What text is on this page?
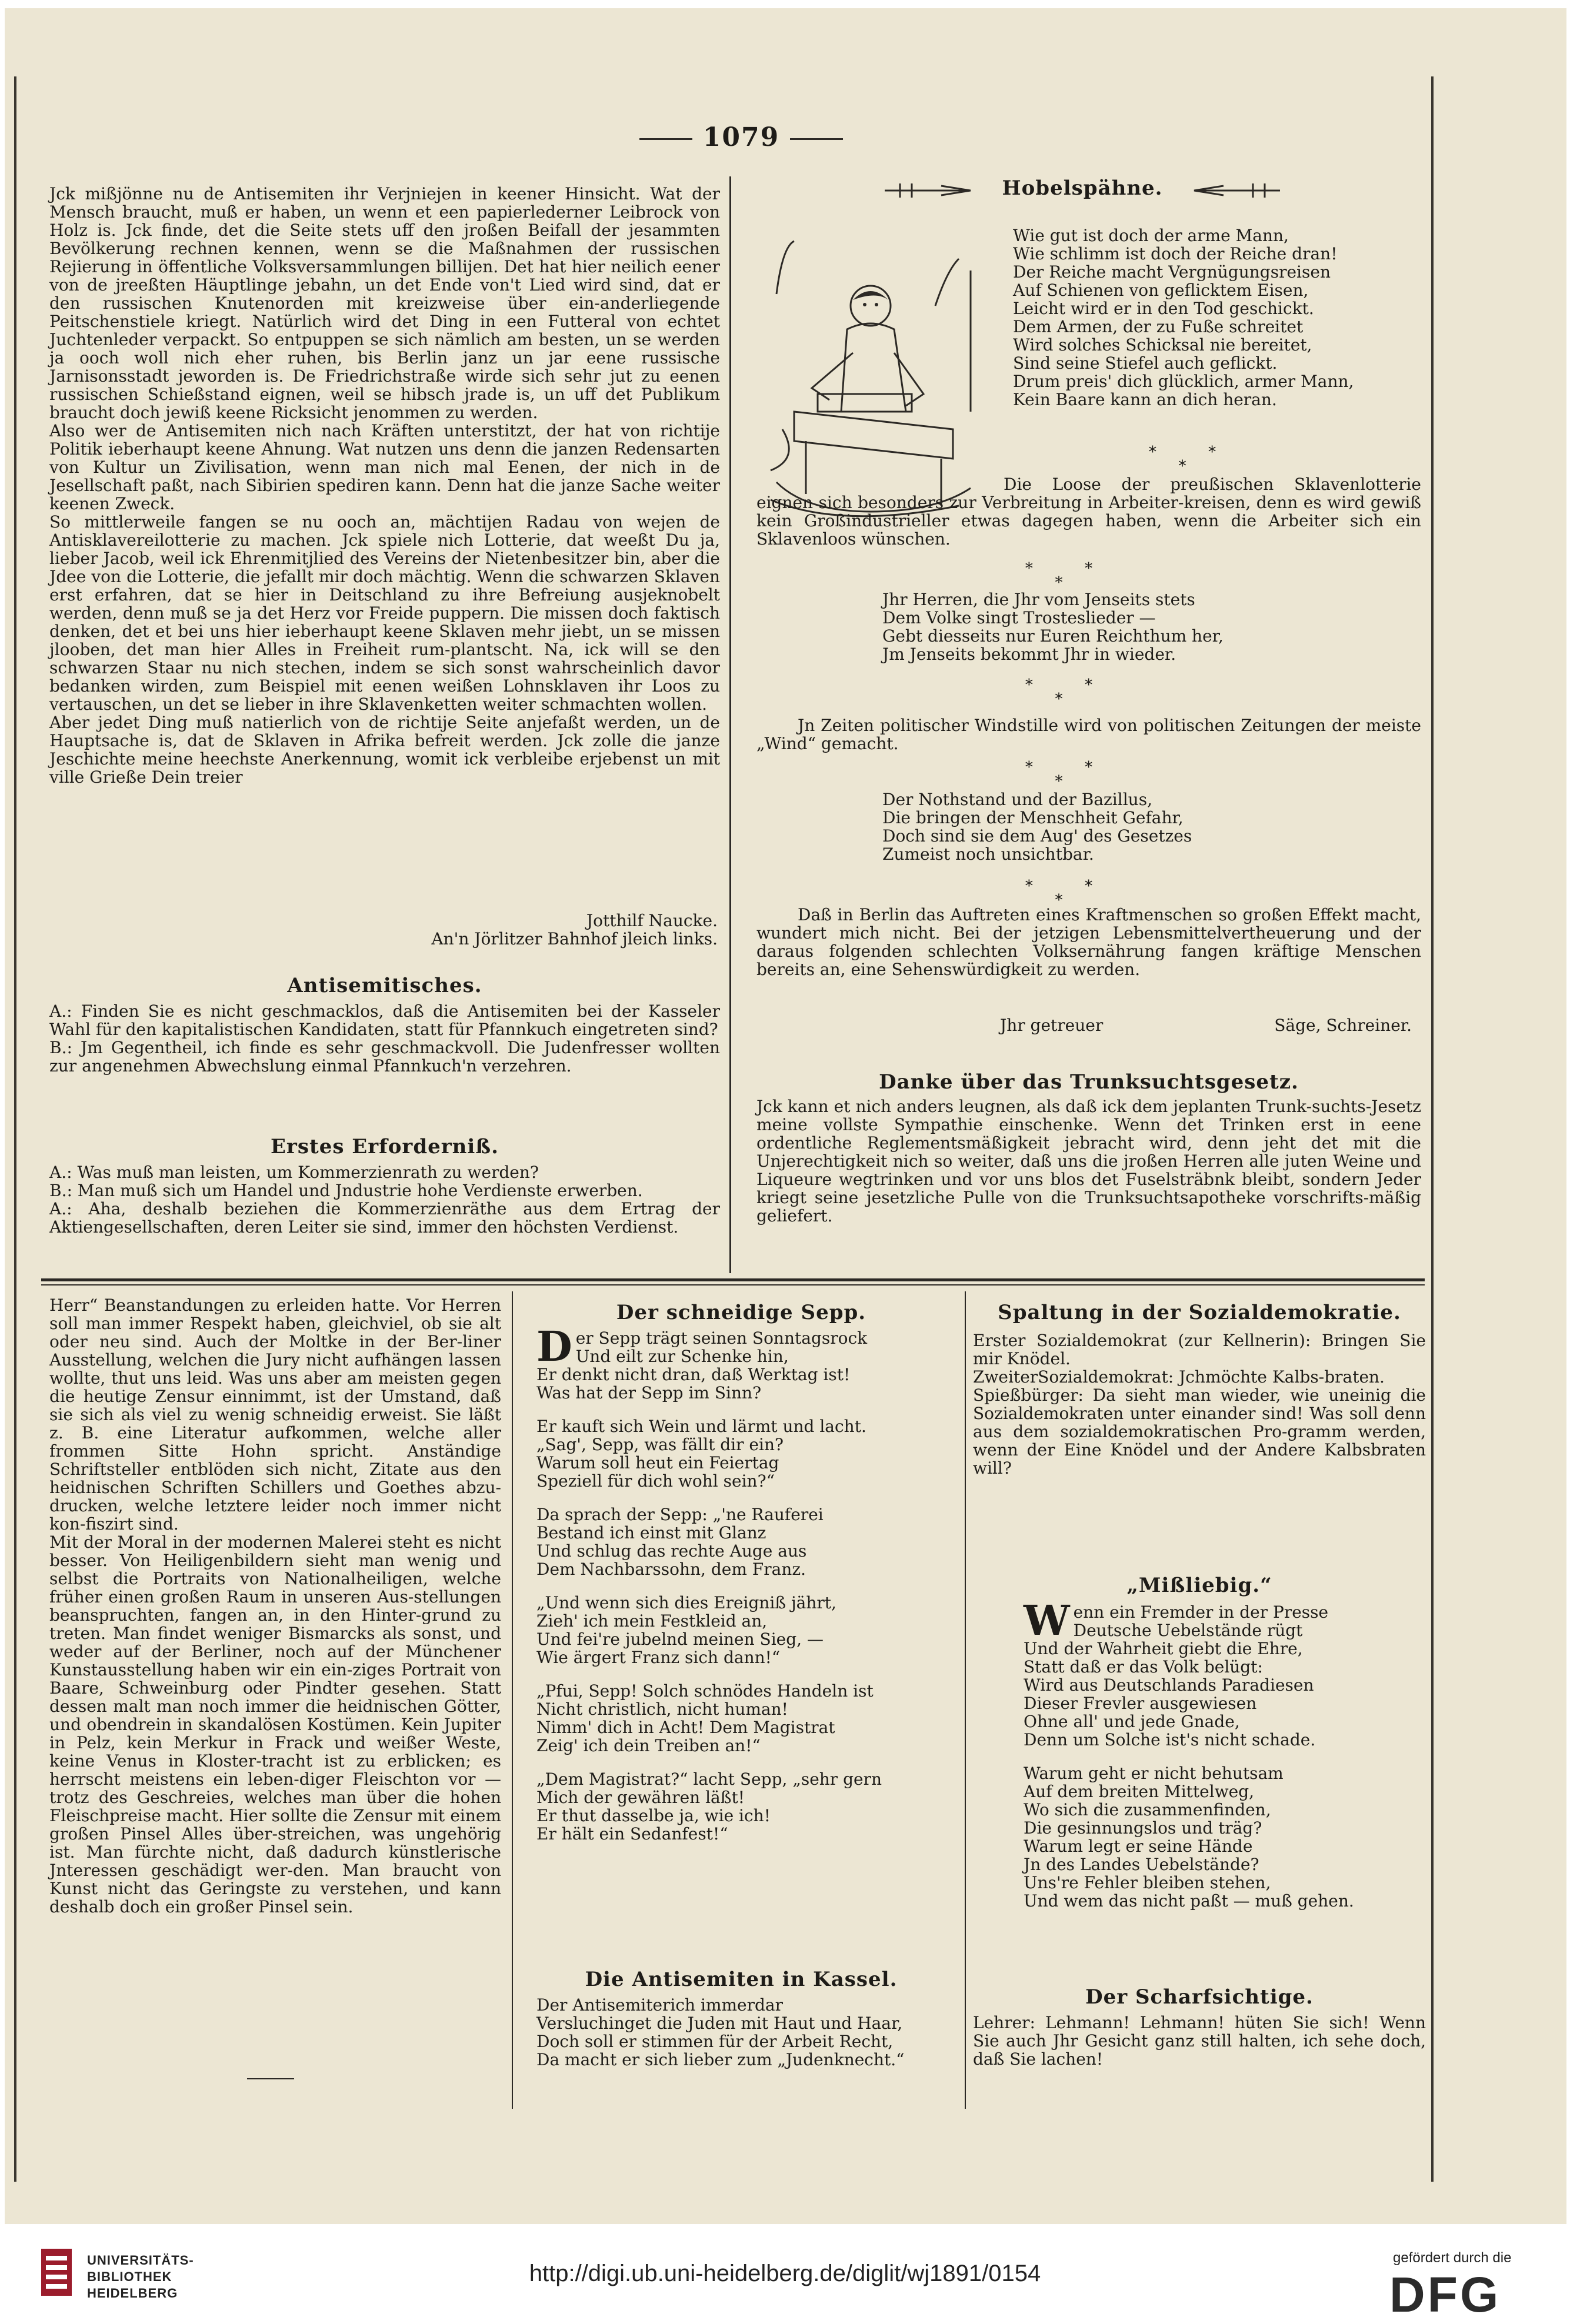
1079
Jck mißjönne nu de Antisemiten ihr Verjniejen in keener Hinsicht. Wat der Mensch braucht, muß er haben, un wenn et een papierlederner Leibrock von Holz is. Jck finde, det die Seite stets uff den jroßen Beifall der jesammten Bevölkerung rechnen kennen, wenn se die Maßnahmen der russischen Rejierung in öffentliche Volksversammlungen billijen. Det hat hier neilich eener von de jreeßten Häuptlinge jebahn, un det Ende von't Lied wird sind, dat er den russischen Knutenorden mit kreizweise über ein-anderliegende Peitschenstiele kriegt. Natürlich wird det Ding in een Futteral von echtet Juchtenleder verpackt. So entpuppen se sich nämlich am besten, un se werden ja ooch woll nich eher ruhen, bis Berlin janz un jar eene russische Jarnisonsstadt jeworden is. De Friedrichstraße wirde sich sehr jut zu eenen russischen Schießstand eignen, weil se hibsch jrade is, un uff det Publikum braucht doch jewiß keene Ricksicht jenommen zu werden.
Also wer de Antisemiten nich nach Kräften unterstitzt, der hat von richtije Politik ieberhaupt keene Ahnung. Wat nutzen uns denn die janzen Redensarten von Kultur un Zivilisation, wenn man nich mal Eenen, der nich in de Jesellschaft paßt, nach Sibirien spediren kann. Denn hat die janze Sache weiter keenen Zweck.
So mittlerweile fangen se nu ooch an, mächtijen Radau von wejen de Antisklavereilotterie zu machen. Jck spiele nich Lotterie, dat weeßt Du ja, lieber Jacob, weil ick Ehrenmitjlied des Vereins der Nietenbesitzer bin, aber die Jdee von die Lotterie, die jefallt mir doch mächtig. Wenn die schwarzen Sklaven erst erfahren, dat se hier in Deitschland zu ihre Befreiung ausjeknobelt werden, denn muß se ja det Herz vor Freide puppern. Die missen doch faktisch denken, det et bei uns hier ieberhaupt keene Sklaven mehr jiebt, un se missen jlooben, det man hier Alles in Freiheit rum-plantscht. Na, ick will se den schwarzen Staar nu nich stechen, indem se sich sonst wahrscheinlich davor bedanken wirden, zum Beispiel mit eenen weißen Lohnsklaven ihr Loos zu vertauschen, un det se lieber in ihre Sklavenketten weiter schmachten wollen.
Aber jedet Ding muß natierlich von de richtije Seite anjefaßt werden, un de Hauptsache is, dat de Sklaven in Afrika befreit werden. Jck zolle die janze Jeschichte meine heechste Anerkennung, womit ick verbleibe erjebenst un mit ville Grieße Dein treier
Jotthilf Naucke.
An'n Jörlitzer Bahnhof jleich links.
Antisemitisches.
A.: Finden Sie es nicht geschmacklos, daß die Antisemiten bei der Kasseler Wahl für den kapitalistischen Kandidaten, statt für Pfannkuch eingetreten sind?
B.: Jm Gegentheil, ich finde es sehr geschmackvoll. Die Judenfresser wollten zur angenehmen Abwechslung einmal Pfannkuch'n verzehren.
Erstes Erforderniß.
A.: Was muß man leisten, um Kommerzienrath zu werden?
B.: Man muß sich um Handel und Jndustrie hohe Verdienste erwerben.
A.: Aha, deshalb beziehen die Kommerzienräthe aus dem Ertrag der Aktiengesellschaften, deren Leiter sie sind, immer den höchsten Verdienst.
Hobelspähne.
Wie gut ist doch der arme Mann,
Wie schlimm ist doch der Reiche dran!
Der Reiche macht Vergnügungsreisen
Auf Schienen von geflicktem Eisen,
Leicht wird er in den Tod geschickt.
Dem Armen, der zu Fuße schreitet
Wird solches Schicksal nie bereitet,
Sind seine Stiefel auch geflickt.
Drum preis' dich glücklich, armer Mann,
Kein Baare kann an dich heran.
* *
*
Die Loose der preußischen Sklavenlotterie eignen sich besonders zur Verbreitung in Arbeiter-kreisen, denn es wird gewiß kein Großindustrieller etwas dagegen haben, wenn die Arbeiter sich ein Sklavenloos wünschen.
* *
*
Jhr Herren, die Jhr vom Jenseits stets
Dem Volke singt Trosteslieder —
Gebt diesseits nur Euren Reichthum her,
Jm Jenseits bekommt Jhr in wieder.
* *
*
Jn Zeiten politischer Windstille wird von politischen Zeitungen der meiste „Wind“ gemacht.
* *
*
Der Nothstand und der Bazillus,
Die bringen der Menschheit Gefahr,
Doch sind sie dem Aug' des Gesetzes
Zumeist noch unsichtbar.
* *
*
Daß in Berlin das Auftreten eines Kraftmenschen so großen Effekt macht, wundert mich nicht. Bei der jetzigen Lebensmittelvertheuerung und der daraus folgenden schlechten Volksernährung fangen kräftige Menschen bereits an, eine Sehenswürdigkeit zu werden.
Jhr getreuer	Säge, Schreiner.
Danke über das Trunksuchtsgesetz.
Jck kann et nich anders leugnen, als daß ick dem jeplanten Trunk-suchts-Jesetz meine vollste Sympathie einschenke. Wenn det Trinken erst in eene ordentliche Reglementsmäßigkeit jebracht wird, denn jeht det mit die Unjerechtigkeit nich so weiter, daß uns die jroßen Herren alle juten Weine und Liqueure wegtrinken und vor uns blos det Fuselsträbnk bleibt, sondern Jeder kriegt seine jesetzliche Pulle von die Trunksuchtsapotheke vorschrifts-mäßig geliefert.
Herr“ Beanstandungen zu erleiden hatte. Vor Herren soll man immer Respekt haben, gleichviel, ob sie alt oder neu sind. Auch der Moltke in der Ber-liner Ausstellung, welchen die Jury nicht aufhängen lassen wollte, thut uns leid. Was uns aber am meisten gegen die heutige Zensur einnimmt, ist der Umstand, daß sie sich als viel zu wenig schneidig erweist. Sie läßt z. B. eine Literatur aufkommen, welche aller frommen Sitte Hohn spricht. Anständige Schriftsteller entblöden sich nicht, Zitate aus den heidnischen Schriften Schillers und Goethes abzu-drucken, welche letztere leider noch immer nicht kon-fiszirt sind.
Mit der Moral in der modernen Malerei steht es nicht besser. Von Heiligenbildern sieht man wenig und selbst die Portraits von Nationalheiligen, welche früher einen großen Raum in unseren Aus-stellungen beanspruchten, fangen an, in den Hinter-grund zu treten. Man findet weniger Bismarcks als sonst, und weder auf der Berliner, noch auf der Münchener Kunstausstellung haben wir ein ein-ziges Portrait von Baare, Schweinburg oder Pindter gesehen. Statt dessen malt man noch immer die heidnischen Götter, und obendrein in skandalösen Kostümen. Kein Jupiter in Pelz, kein Merkur in Frack und weißer Weste, keine Venus in Kloster-tracht ist zu erblicken; es herrscht meistens ein leben-diger Fleischton vor — trotz des Geschreies, welches man über die hohen Fleischpreise macht. Hier sollte die Zensur mit einem großen Pinsel Alles über-streichen, was ungehörig ist. Man fürchte nicht, daß dadurch künstlerische Jnteressen geschädigt wer-den. Man braucht von Kunst nicht das Geringste zu verstehen, und kann deshalb doch ein großer Pinsel sein.
Der schneidige Sepp.
Der Sepp trägt seinen Sonntagsrock
Und eilt zur Schenke hin,
Er denkt nicht dran, daß Werktag ist!
Was hat der Sepp im Sinn?
Er kauft sich Wein und lärmt und lacht.
„Sag', Sepp, was fällt dir ein?
Warum soll heut ein Feiertag
Speziell für dich wohl sein?“
Da sprach der Sepp: „'ne Rauferei
Bestand ich einst mit Glanz
Und schlug das rechte Auge aus
Dem Nachbarssohn, dem Franz.
„Und wenn sich dies Ereigniß jährt,
Zieh' ich mein Festkleid an,
Und fei're jubelnd meinen Sieg, —
Wie ärgert Franz sich dann!“
„Pfui, Sepp! Solch schnödes Handeln ist
Nicht christlich, nicht human!
Nimm' dich in Acht! Dem Magistrat
Zeig' ich dein Treiben an!“
„Dem Magistrat?“ lacht Sepp, „sehr gern
Mich der gewähren läßt!
Er thut dasselbe ja, wie ich!
Er hält ein Sedanfest!“
Die Antisemiten in Kassel.
Der Antisemiterich immerdar
Versluchinget die Juden mit Haut und Haar,
Doch soll er stimmen für der Arbeit Recht,
Da macht er sich lieber zum „Judenknecht.“
Spaltung in der Sozialdemokratie.
Erster Sozialdemokrat (zur Kellnerin): Bringen Sie mir Knödel.
ZweiterSozialdemokrat: Jchmöchte Kalbs-braten.
Spießbürger: Da sieht man wieder, wie uneinig die Sozialdemokraten unter einander sind! Was soll denn aus dem sozialdemokratischen Pro-gramm werden, wenn der Eine Knödel und der Andere Kalbsbraten will?
„Mißliebig.“
Wenn ein Fremder in der Presse
Deutsche Uebelstände rügt
Und der Wahrheit giebt die Ehre,
Statt daß er das Volk belügt:
Wird aus Deutschlands Paradiesen
Dieser Frevler ausgewiesen
Ohne all' und jede Gnade,
Denn um Solche ist's nicht schade.
Warum geht er nicht behutsam
Auf dem breiten Mittelweg,
Wo sich die zusammenfinden,
Die gesinnungslos und träg?
Warum legt er seine Hände
Jn des Landes Uebelstände?
Uns're Fehler bleiben stehen,
Und wem das nicht paßt — muß gehen.
Der Scharfsichtige.
Lehrer: Lehmann! Lehmann! hüten Sie sich! Wenn Sie auch Jhr Gesicht ganz still halten, ich sehe doch, daß Sie lachen!
UNIVERSITÄTS-
BIBLIOTHEK
HEIDELBERG
http://digi.ub.uni-heidelberg.de/diglit/wj1891/0154
gefördert durch die
DFG
